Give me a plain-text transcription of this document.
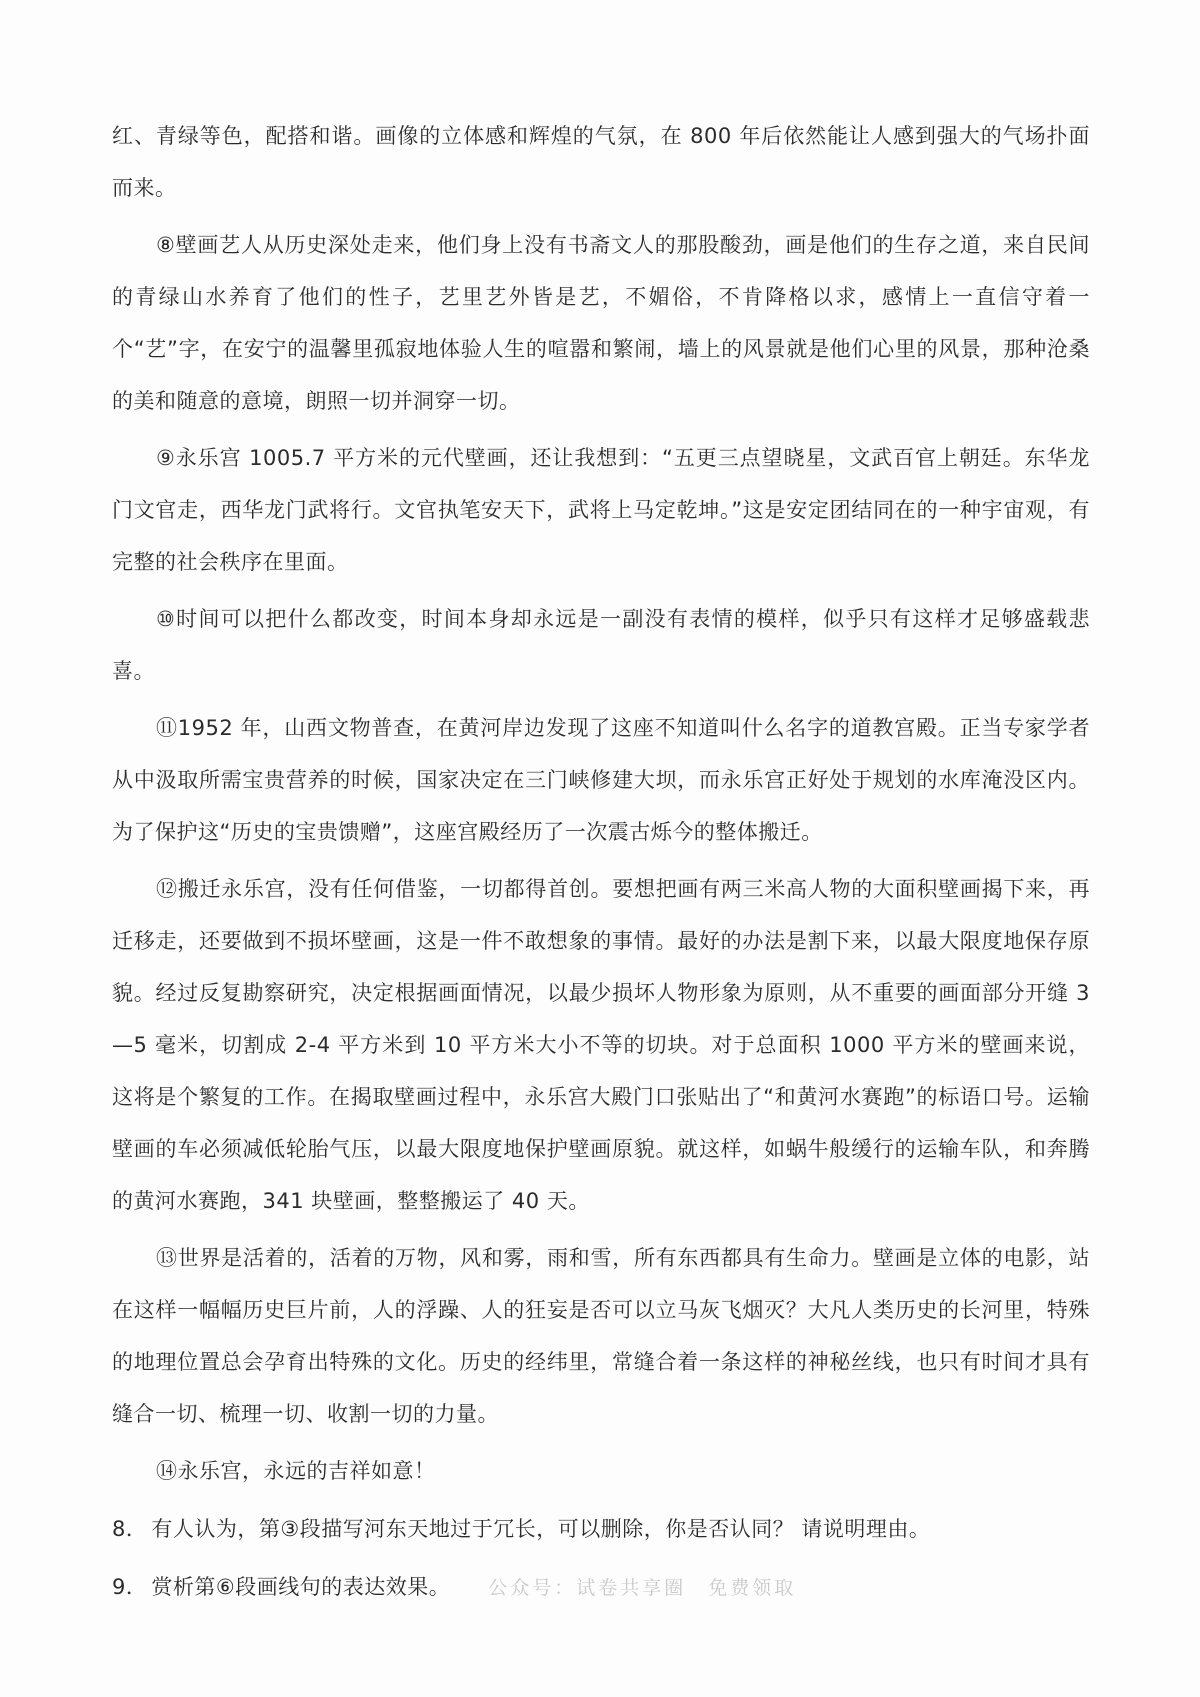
红、青绿等色，配搭和谐。画像的立体感和辉煌的气氛，在 800 年后依然能让人感到强大的气场扑面而来。

⑧壁画艺人从历史深处走来，他们身上没有书斋文人的那股酸劲，画是他们的生存之道，来自民间的青绿山水养育了他们的性子，艺里艺外皆是艺，不媚俗，不肯降格以求，感情上一直信守着一个“艺”字，在安宁的温馨里孤寂地体验人生的喧嚣和繁闹，墙上的风景就是他们心里的风景，那种沧桑的美和随意的意境，朗照一切并洞穿一切。

⑨永乐宫 1005.7 平方米的元代壁画，还让我想到：“五更三点望晓星，文武百官上朝廷。东华龙门文官走，西华龙门武将行。文官执笔安天下，武将上马定乾坤。”这是安定团结同在的一种宇宙观，有完整的社会秩序在里面。

⑩时间可以把什么都改变，时间本身却永远是一副没有表情的模样，似乎只有这样才足够盛载悲喜。

⑪1952 年，山西文物普查，在黄河岸边发现了这座不知道叫什么名字的道教宫殿。正当专家学者从中汲取所需宝贵营养的时候，国家决定在三门峡修建大坝，而永乐宫正好处于规划的水库淹没区内。为了保护这“历史的宝贵馈赠”，这座宫殿经历了一次震古烁今的整体搬迁。

⑫搬迁永乐宫，没有任何借鉴，一切都得首创。要想把画有两三米高人物的大面积壁画揭下来，再迁移走，还要做到不损坏壁画，这是一件不敢想象的事情。最好的办法是割下来，以最大限度地保存原貌。经过反复勘察研究，决定根据画面情况，以最少损坏人物形象为原则，从不重要的画面部分开缝 3—5 毫米，切割成 2-4 平方米到 10 平方米大小不等的切块。对于总面积 1000 平方米的壁画来说，这将是个繁复的工作。在揭取壁画过程中，永乐宫大殿门口张贴出了“和黄河水赛跑”的标语口号。运输壁画的车必须减低轮胎气压，以最大限度地保护壁画原貌。就这样，如蜗牛般缓行的运输车队，和奔腾的黄河水赛跑，341 块壁画，整整搬运了 40 天。

⑬世界是活着的，活着的万物，风和雾，雨和雪，所有东西都具有生命力。壁画是立体的电影，站在这样一幅幅历史巨片前，人的浮躁、人的狂妄是否可以立马灰飞烟灭？大凡人类历史的长河里，特殊的地理位置总会孕育出特殊的文化。历史的经纬里，常缝合着一条这样的神秘丝线，也只有时间才具有缝合一切、梳理一切、收割一切的力量。

⑭永乐宫，永远的吉祥如意！

8． 有人认为，第③段描写河东天地过于冗长，可以删除，你是否认同？ 请说明理由。

9． 赏析第⑥段画线句的表达效果。 公众号：试卷共享圈　免费领取
